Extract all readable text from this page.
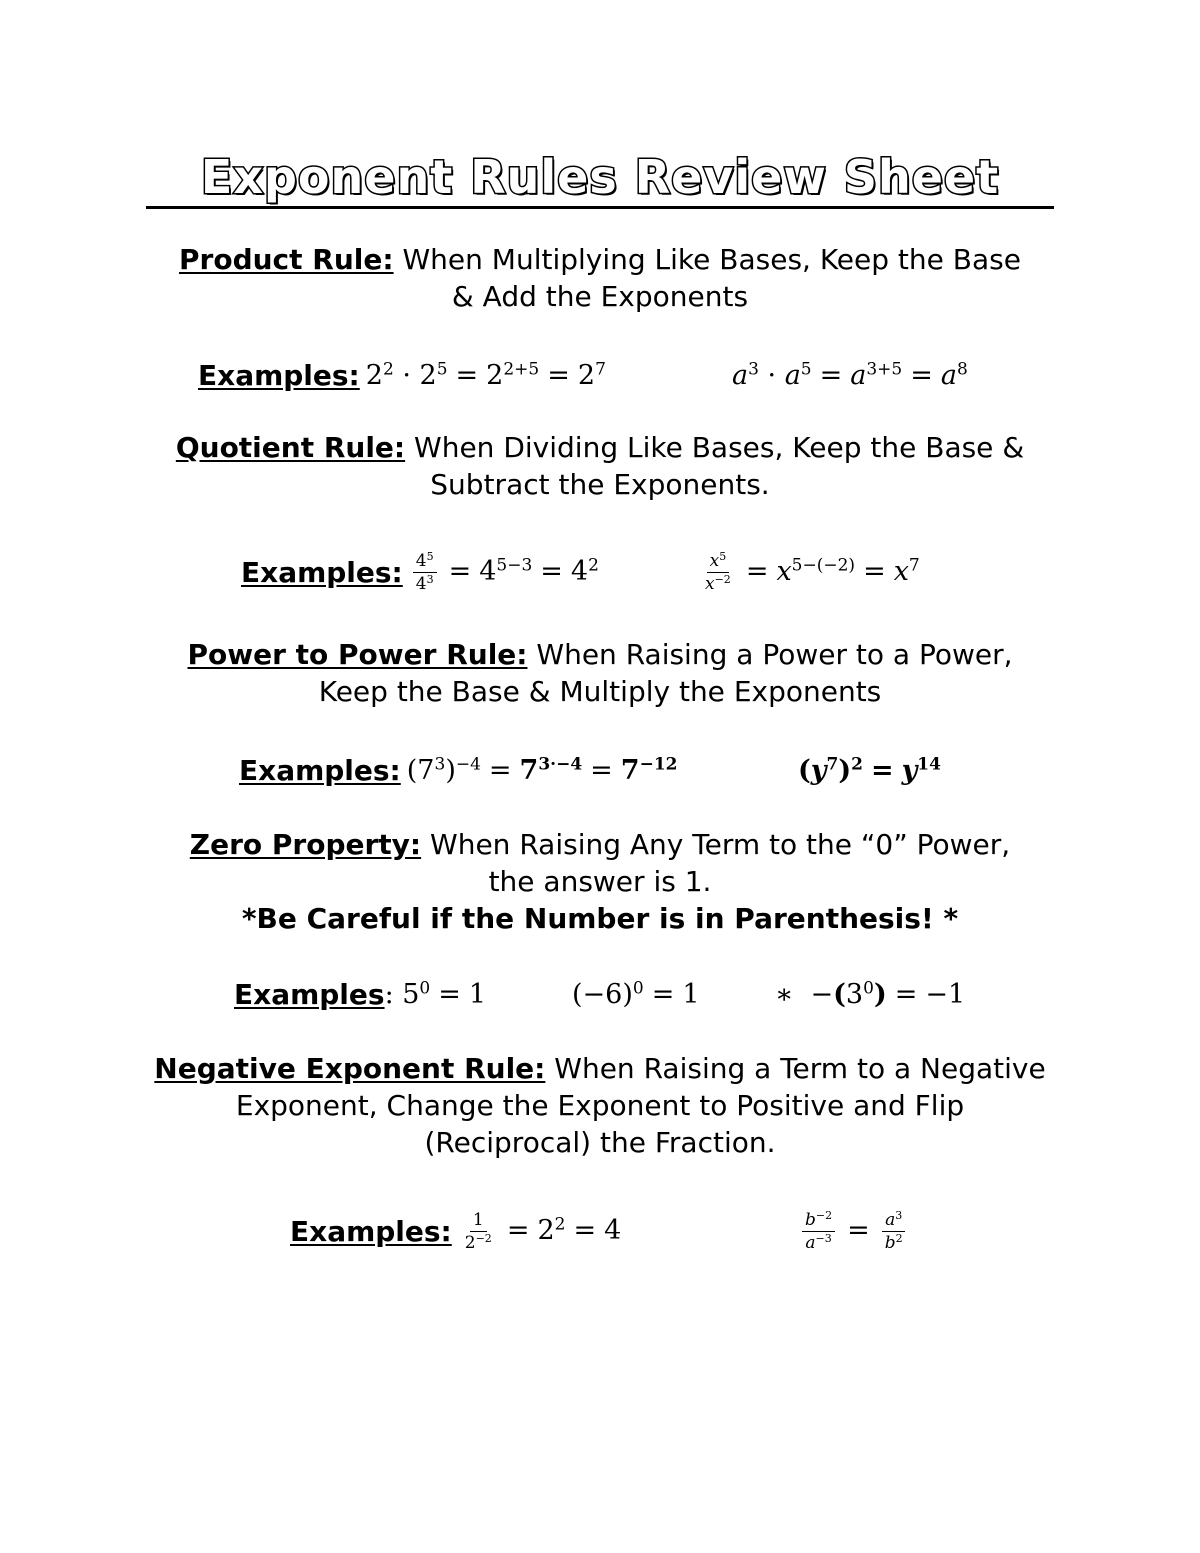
Exponent Rules Review Sheet
Product Rule: When Multiplying Like Bases, Keep the Base
& Add the Exponents
Examples: $2^2 \cdot 2^5 = 2^{2+5} = 2^7$	$a^3 \cdot a^5 = a^{3+5} = a^8$
Quotient Rule: When Dividing Like Bases, Keep the Base &
Subtract the Exponents.
Examples: $\frac{4^5}{4^3} = 4^{5-3} = 4^2$	$\frac{x^5}{x^{-2}} = x^{5-(-2)} = x^7$
Power to Power Rule: When Raising a Power to a Power,
Keep the Base & Multiply the Exponents
Examples: $(7^3)^{-4} = 7^{3\cdot-4} = 7^{-12}$	$(y^7)^2 = y^{14}$
Zero Property: When Raising Any Term to the “0” Power,
the answer is 1.
*Be Careful if the Number is in Parenthesis! *
Examples : $5^0 = 1$	$(-6)^0 = 1$	∗  $-(3^0) = -1$
Negative Exponent Rule: When Raising a Term to a Negative
Exponent, Change the Exponent to Positive and Flip
(Reciprocal) the Fraction.
Examples: $\frac{1}{2^{-2}} = 2^2 = 4$	$\frac{b^{-2}}{a^{-3}} = \frac{a^3}{b^2}$
